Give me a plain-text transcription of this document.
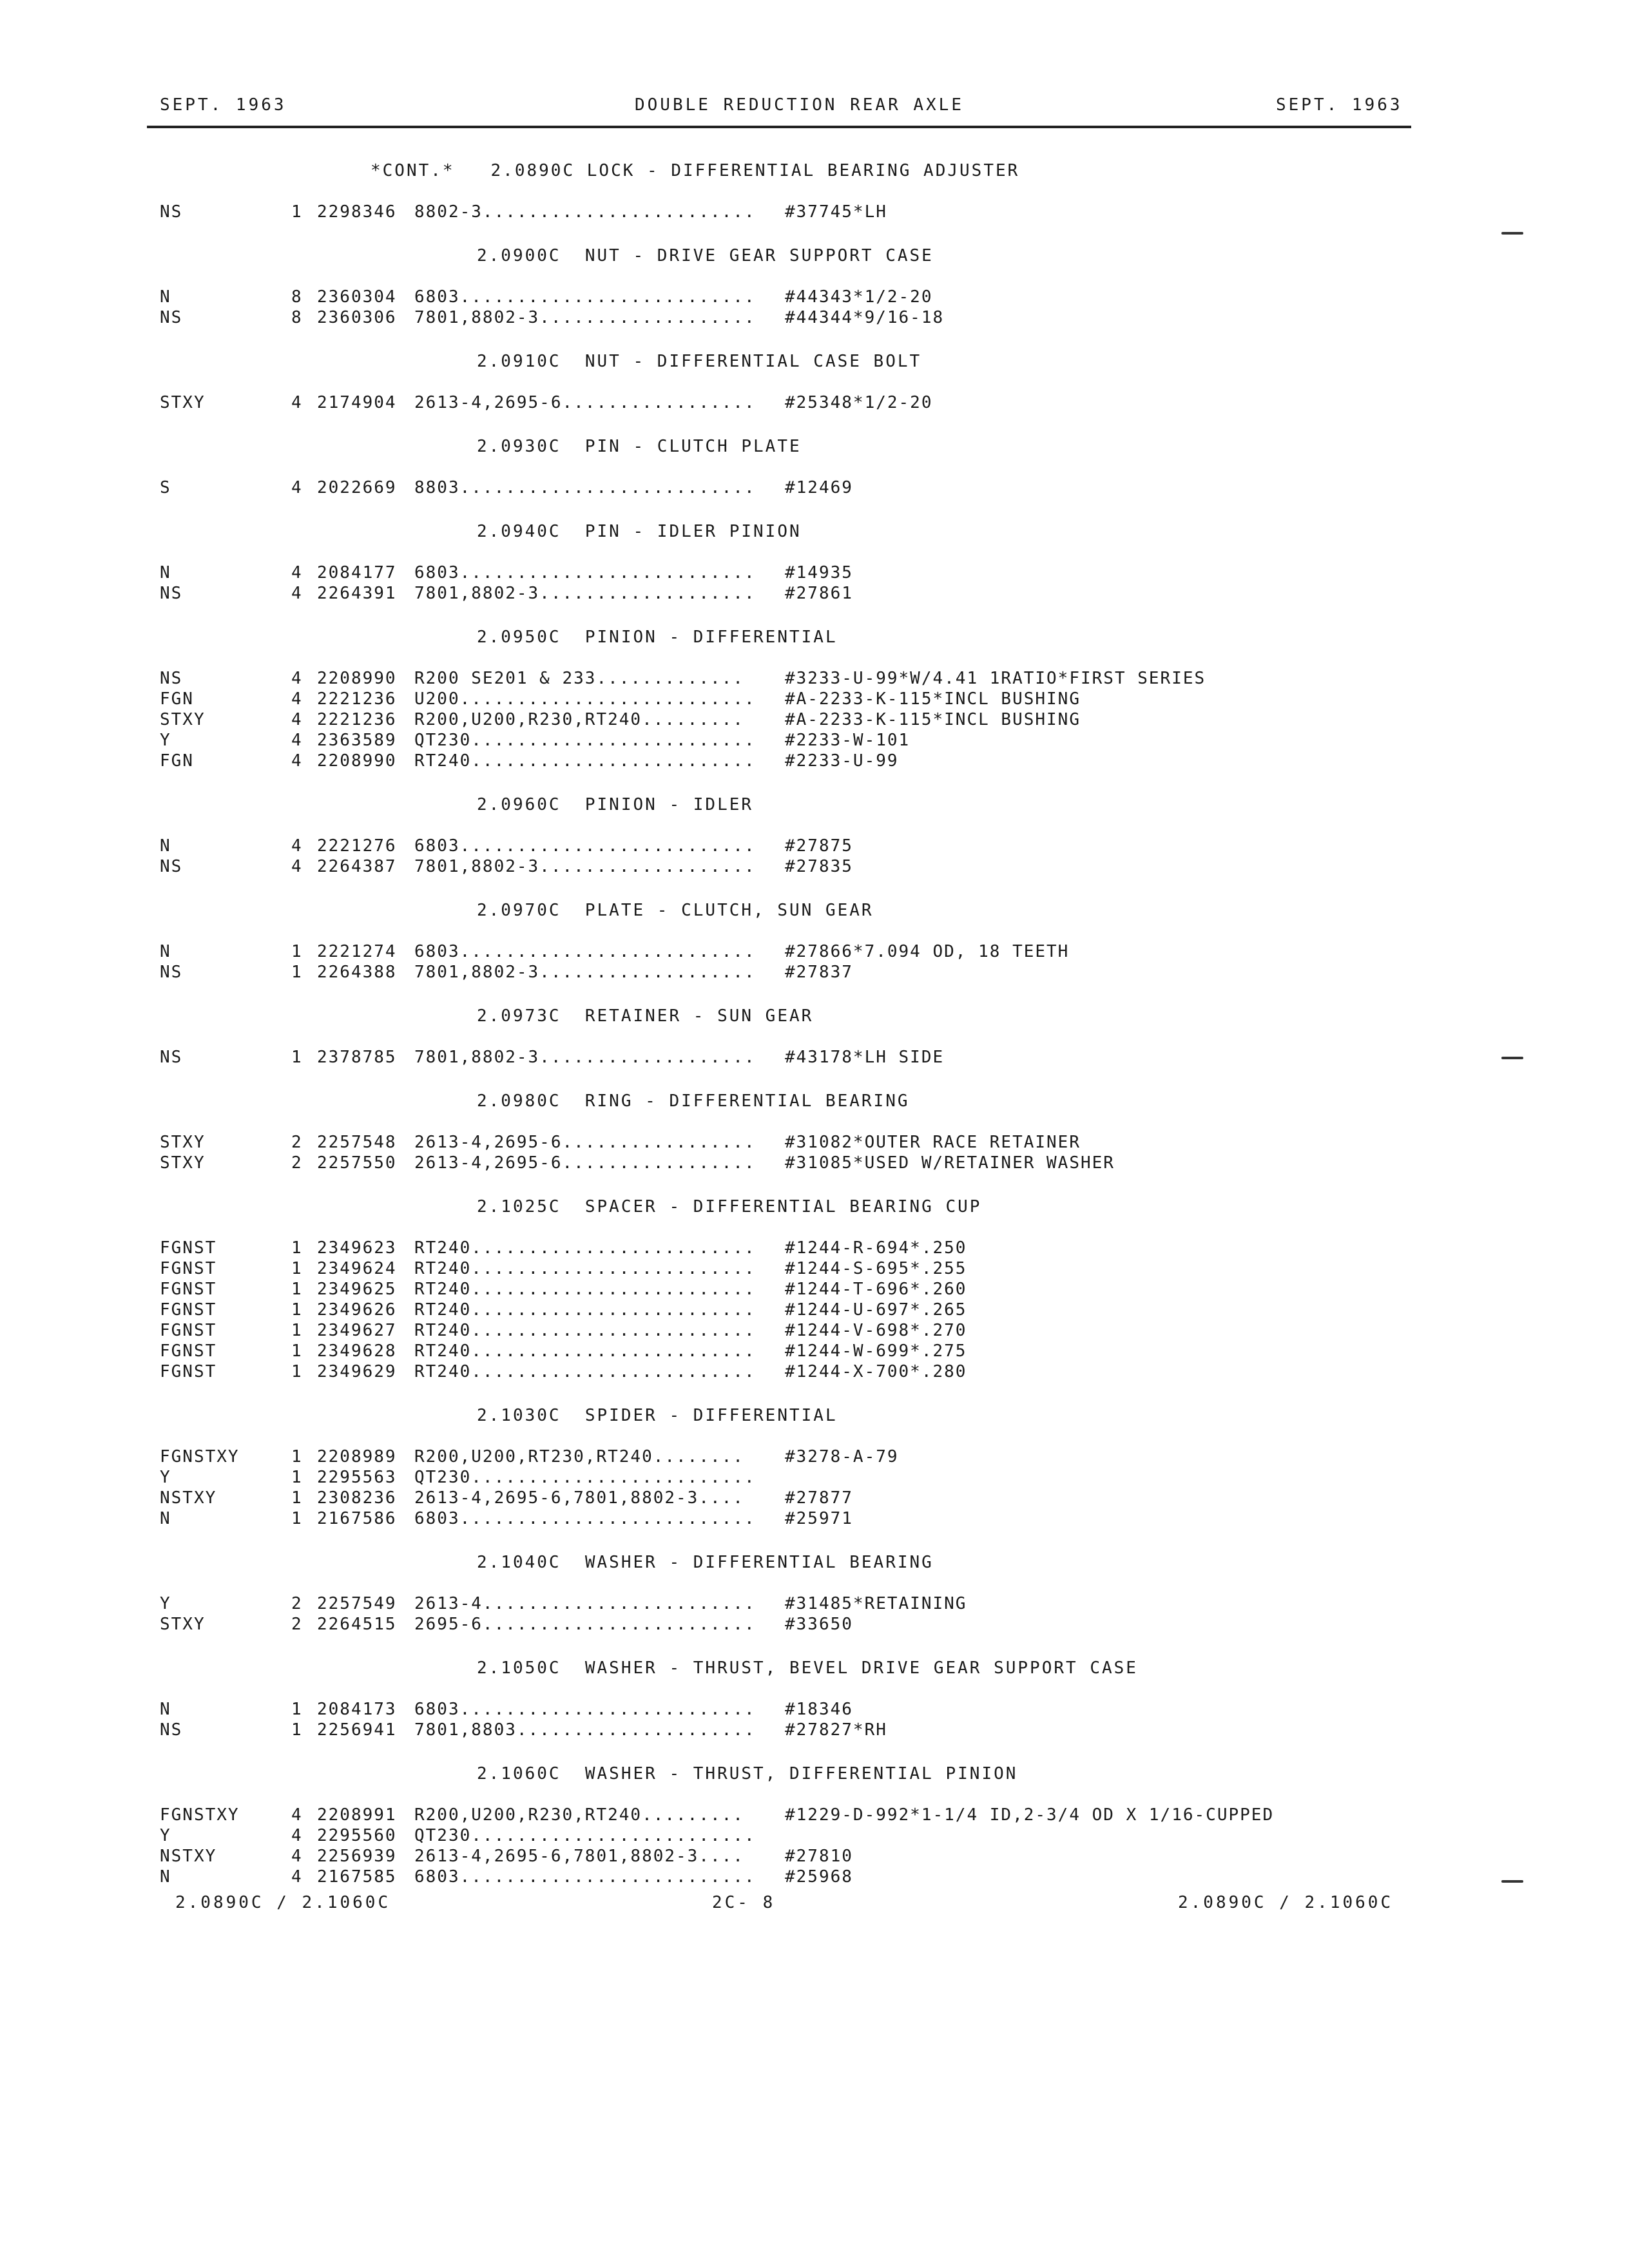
SEPT. 1963	DOUBLE REDUCTION REAR AXLE	SEPT. 1963
*CONT.*   2.0890C LOCK - DIFFERENTIAL BEARING ADJUSTER
NS	1 2298346 8802-3........................ #37745*LH
2.0900C  NUT - DRIVE GEAR SUPPORT CASE
N	8 2360304 6803.......................... #44343*1/2-20
NS	8 2360306 7801,8802-3................... #44344*9/16-18
2.0910C  NUT - DIFFERENTIAL CASE BOLT
STXY	4 2174904 2613-4,2695-6................. #25348*1/2-20
2.0930C  PIN - CLUTCH PLATE
S	4 2022669 8803.......................... #12469
2.0940C  PIN - IDLER PINION
N	4 2084177 6803.......................... #14935
NS	4 2264391 7801,8802-3................... #27861
2.0950C  PINION - DIFFERENTIAL
NS	4 2208990 R200 SE201 & 233............. #3233-U-99*W/4.41 1RATIO*FIRST SERIES
FGN	4 2221236 U200.......................... #A-2233-K-115*INCL BUSHING
STXY	4 2221236 R200,U200,R230,RT240......... #A-2233-K-115*INCL BUSHING
Y	4 2363589 QT230......................... #2233-W-101
FGN	4 2208990 RT240......................... #2233-U-99
2.0960C  PINION - IDLER
N	4 2221276 6803.......................... #27875
NS	4 2264387 7801,8802-3................... #27835
2.0970C  PLATE - CLUTCH, SUN GEAR
N	1 2221274 6803.......................... #27866*7.094 OD, 18 TEETH
NS	1 2264388 7801,8802-3................... #27837
2.0973C  RETAINER - SUN GEAR
NS	1 2378785 7801,8802-3................... #43178*LH SIDE
2.0980C  RING - DIFFERENTIAL BEARING
STXY	2 2257548 2613-4,2695-6................. #31082*OUTER RACE RETAINER
STXY	2 2257550 2613-4,2695-6................. #31085*USED W/RETAINER WASHER
2.1025C  SPACER - DIFFERENTIAL BEARING CUP
FGNST	1 2349623 RT240......................... #1244-R-694*.250
FGNST	1 2349624 RT240......................... #1244-S-695*.255
FGNST	1 2349625 RT240......................... #1244-T-696*.260
FGNST	1 2349626 RT240......................... #1244-U-697*.265
FGNST	1 2349627 RT240......................... #1244-V-698*.270
FGNST	1 2349628 RT240......................... #1244-W-699*.275
FGNST	1 2349629 RT240......................... #1244-X-700*.280
2.1030C  SPIDER - DIFFERENTIAL
FGNSTXY	1 2208989 R200,U200,RT230,RT240........ #3278-A-79
Y	1 2295563 QT230.........................
NSTXY	1 2308236 2613-4,2695-6,7801,8802-3.... #27877
N	1 2167586 6803.......................... #25971
2.1040C  WASHER - DIFFERENTIAL BEARING
Y	2 2257549 2613-4........................ #31485*RETAINING
STXY	2 2264515 2695-6........................ #33650
2.1050C  WASHER - THRUST, BEVEL DRIVE GEAR SUPPORT CASE
N	1 2084173 6803.......................... #18346
NS	1 2256941 7801,8803..................... #27827*RH
2.1060C  WASHER - THRUST, DIFFERENTIAL PINION
FGNSTXY	4 2208991 R200,U200,R230,RT240......... #1229-D-992*1-1/4 ID,2-3/4 OD X 1/16-CUPPED
Y	4 2295560 QT230.........................
NSTXY	4 2256939 2613-4,2695-6,7801,8802-3.... #27810
N	4 2167585 6803.......................... #25968
2.0890C / 2.1060C	2C- 8	2.0890C / 2.1060C
